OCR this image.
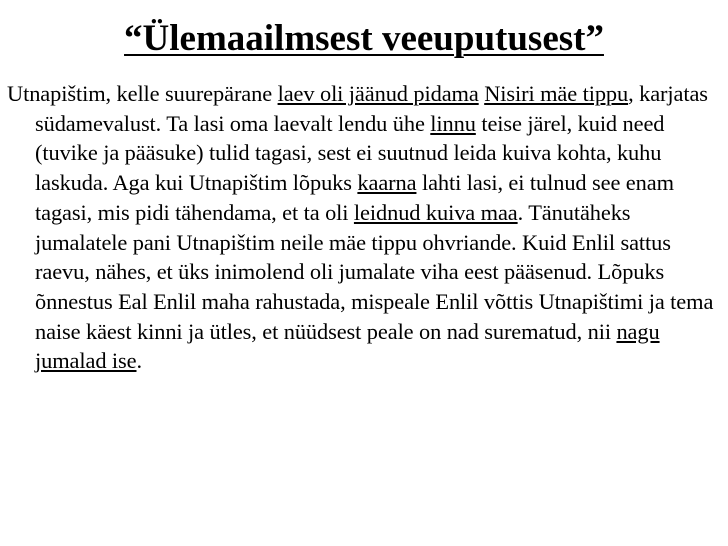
“Ülemaailmsest veeuputusest”

Utnapištim, kelle suurepärane laev oli jäänud pidama Nisiri mäe tippu, karjatas südamevalust. Ta lasi oma laevalt lendu ühe linnu teise järel, kuid need (tuvike ja pääsuke) tulid tagasi, sest ei suutnud leida kuiva kohta, kuhu laskuda. Aga kui Utnapištim lõpuks kaarna lahti lasi, ei tulnud see enam tagasi, mis pidi tähendama, et ta oli leidnud kuiva maa. Tänutäheks jumalatele pani Utnapištim neile mäe tippu ohvriande. Kuid Enlil sattus raevu, nähes, et üks inimolend oli jumalate viha eest pääsenud. Lõpuks õnnestus Eal Enlil maha rahustada, mispeale Enlil võttis Utnapištimi ja tema naise käest kinni ja ütles, et nüüdsest peale on nad surematud, nii nagu jumalad ise.
